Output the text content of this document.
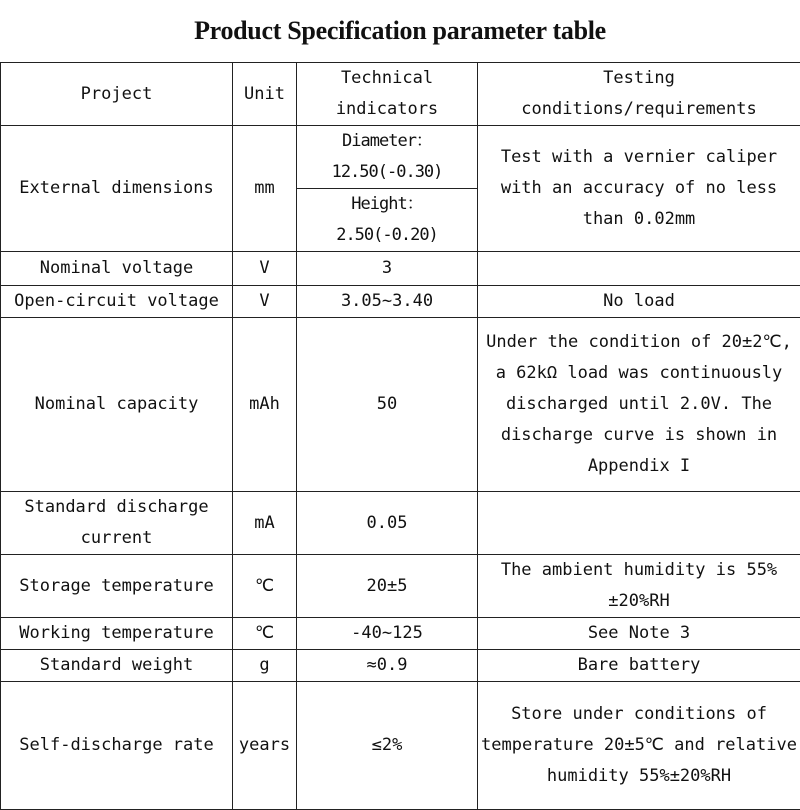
Product Specification parameter table
Project	Unit	Technical indicators	Testing conditions/requirements
External dimensions	mm	Diameter：12.50(-0.30)	Test with a vernier caliper with an accuracy of no less than 0.02mm
		Height： 2.50(-0.20)	
Nominal voltage	V	3	
Open-circuit voltage	V	3.05~3.40	No load
Nominal capacity	mAh	50	Under the condition of 20±2℃, a 62kΩ load was continuously discharged until 2.0V. The discharge curve is shown in Appendix I
Standard discharge current	mA	0.05	
Storage temperature	℃	20±5	The ambient humidity is 55%±20%RH
Working temperature	℃	-40~125	See Note 3
Standard weight	g	≈0.9	Bare battery
Self-discharge rate	years	≤2%	Store under conditions of temperature 20±5℃ and relative humidity 55%±20%RH
